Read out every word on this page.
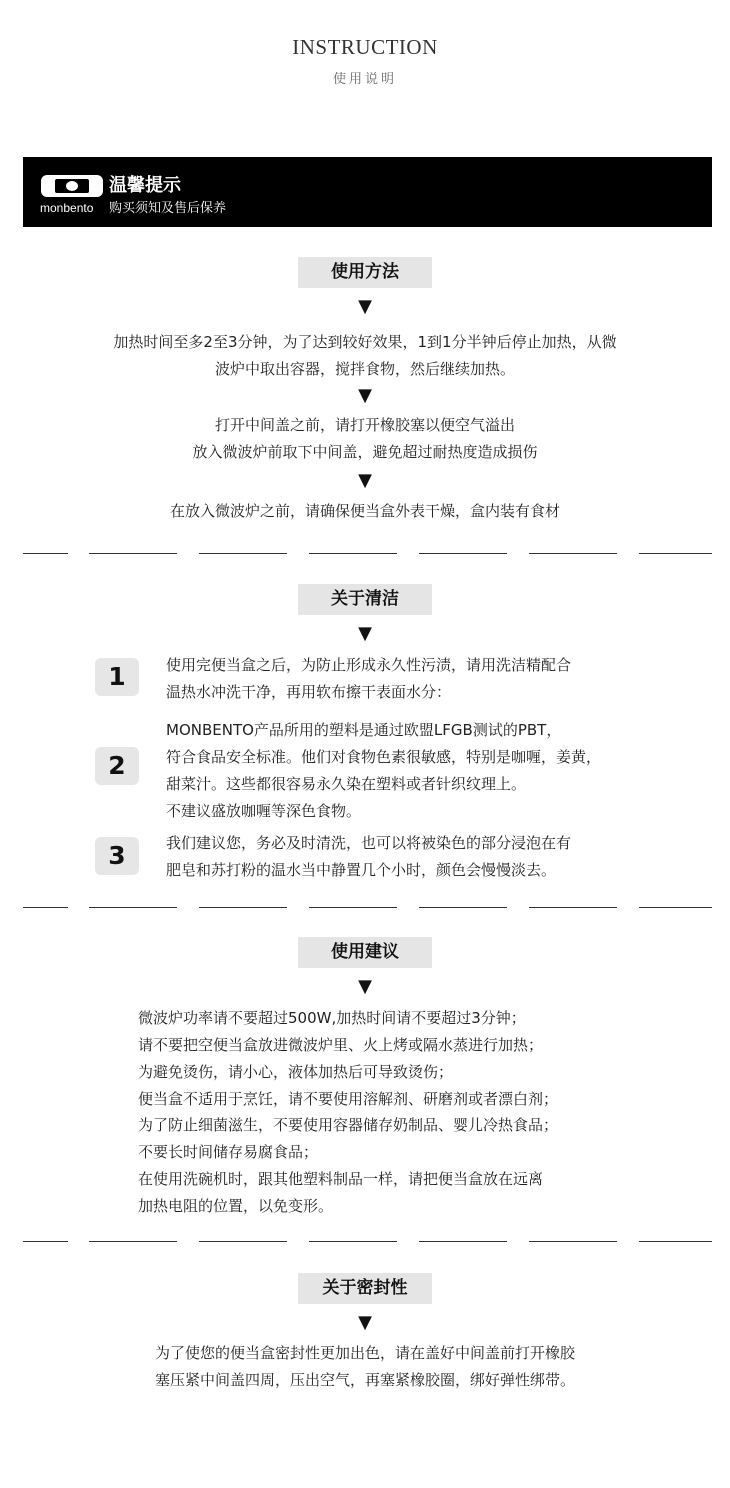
INSTRUCTION
使用说明
monbento
温馨提示
购买须知及售后保养
使用方法
▼
加热时间至多2至3分钟，为了达到较好效果，1到1分半钟后停止加热，从微
波炉中取出容器，搅拌食物，然后继续加热。
▼
打开中间盖之前，请打开橡胶塞以便空气溢出
放入微波炉前取下中间盖，避免超过耐热度造成损伤
▼
在放入微波炉之前，请确保便当盒外表干燥，盒内装有食材
关于清洁
▼
1	使用完便当盒之后，为防止形成永久性污渍，请用洗洁精配合
温热水冲洗干净，再用软布擦干表面水分：
2
MONBENTO产品所用的塑料是通过欧盟LFGB测试的PBT，
符合食品安全标准。他们对食物色素很敏感，特别是咖喱，姜黄，
甜菜汁。这些都很容易永久染在塑料或者针织纹理上。
不建议盛放咖喱等深色食物。
3	我们建议您，务必及时清洗，也可以将被染色的部分浸泡在有
肥皂和苏打粉的温水当中静置几个小时，颜色会慢慢淡去。
使用建议
▼
微波炉功率请不要超过500W,加热时间请不要超过3分钟；
请不要把空便当盒放进微波炉里、火上烤或隔水蒸进行加热；
为避免烫伤，请小心，液体加热后可导致烫伤；
便当盒不适用于烹饪，请不要使用溶解剂、研磨剂或者漂白剂；
为了防止细菌滋生，不要使用容器储存奶制品、婴儿冷热食品；
不要长时间储存易腐食品；
在使用洗碗机时，跟其他塑料制品一样，请把便当盒放在远离
加热电阻的位置，以免变形。
关于密封性
▼
为了使您的便当盒密封性更加出色，请在盖好中间盖前打开橡胶
塞压紧中间盖四周，压出空气，再塞紧橡胶圈，绑好弹性绑带。
